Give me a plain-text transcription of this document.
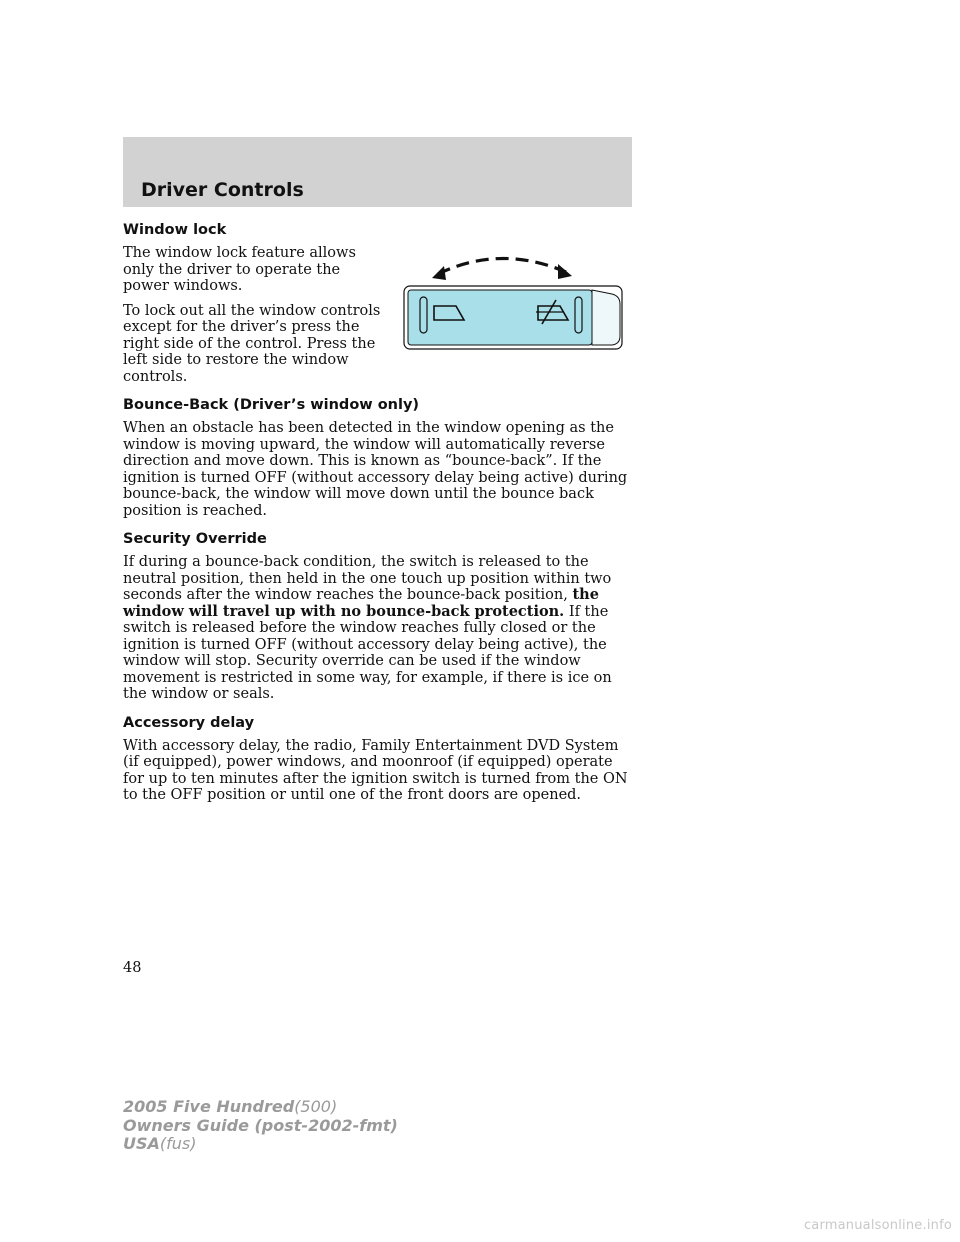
Driver Controls
Window lock

The window lock feature allows only the driver to operate the power windows.

To lock out all the window controls except for the driver’s press the right side of the control. Press the left side to restore the window controls.

Bounce-Back (Driver’s window only)

When an obstacle has been detected in the window opening as the window is moving upward, the window will automatically reverse direction and move down. This is known as “bounce-back”. If the ignition is turned OFF (without accessory delay being active) during bounce-back, the window will move down until the bounce back position is reached.

Security Override

If during a bounce-back condition, the switch is released to the neutral position, then held in the one touch up position within two seconds after the window reaches the bounce-back position, the window will travel up with no bounce-back protection. If the switch is released before the window reaches fully closed or the ignition is turned OFF (without accessory delay being active), the window will stop. Security override can be used if the window movement is restricted in some way, for example, if there is ice on the window or seals.

Accessory delay

With accessory delay, the radio, Family Entertainment DVD System (if equipped), power windows, and moonroof (if equipped) operate for up to ten minutes after the ignition switch is turned from the ON to the OFF position or until one of the front doors are opened.

48
2005 Five Hundred(500)
Owners Guide (post-2002-fmt)
USA(fus)
carmanualsonline.info
